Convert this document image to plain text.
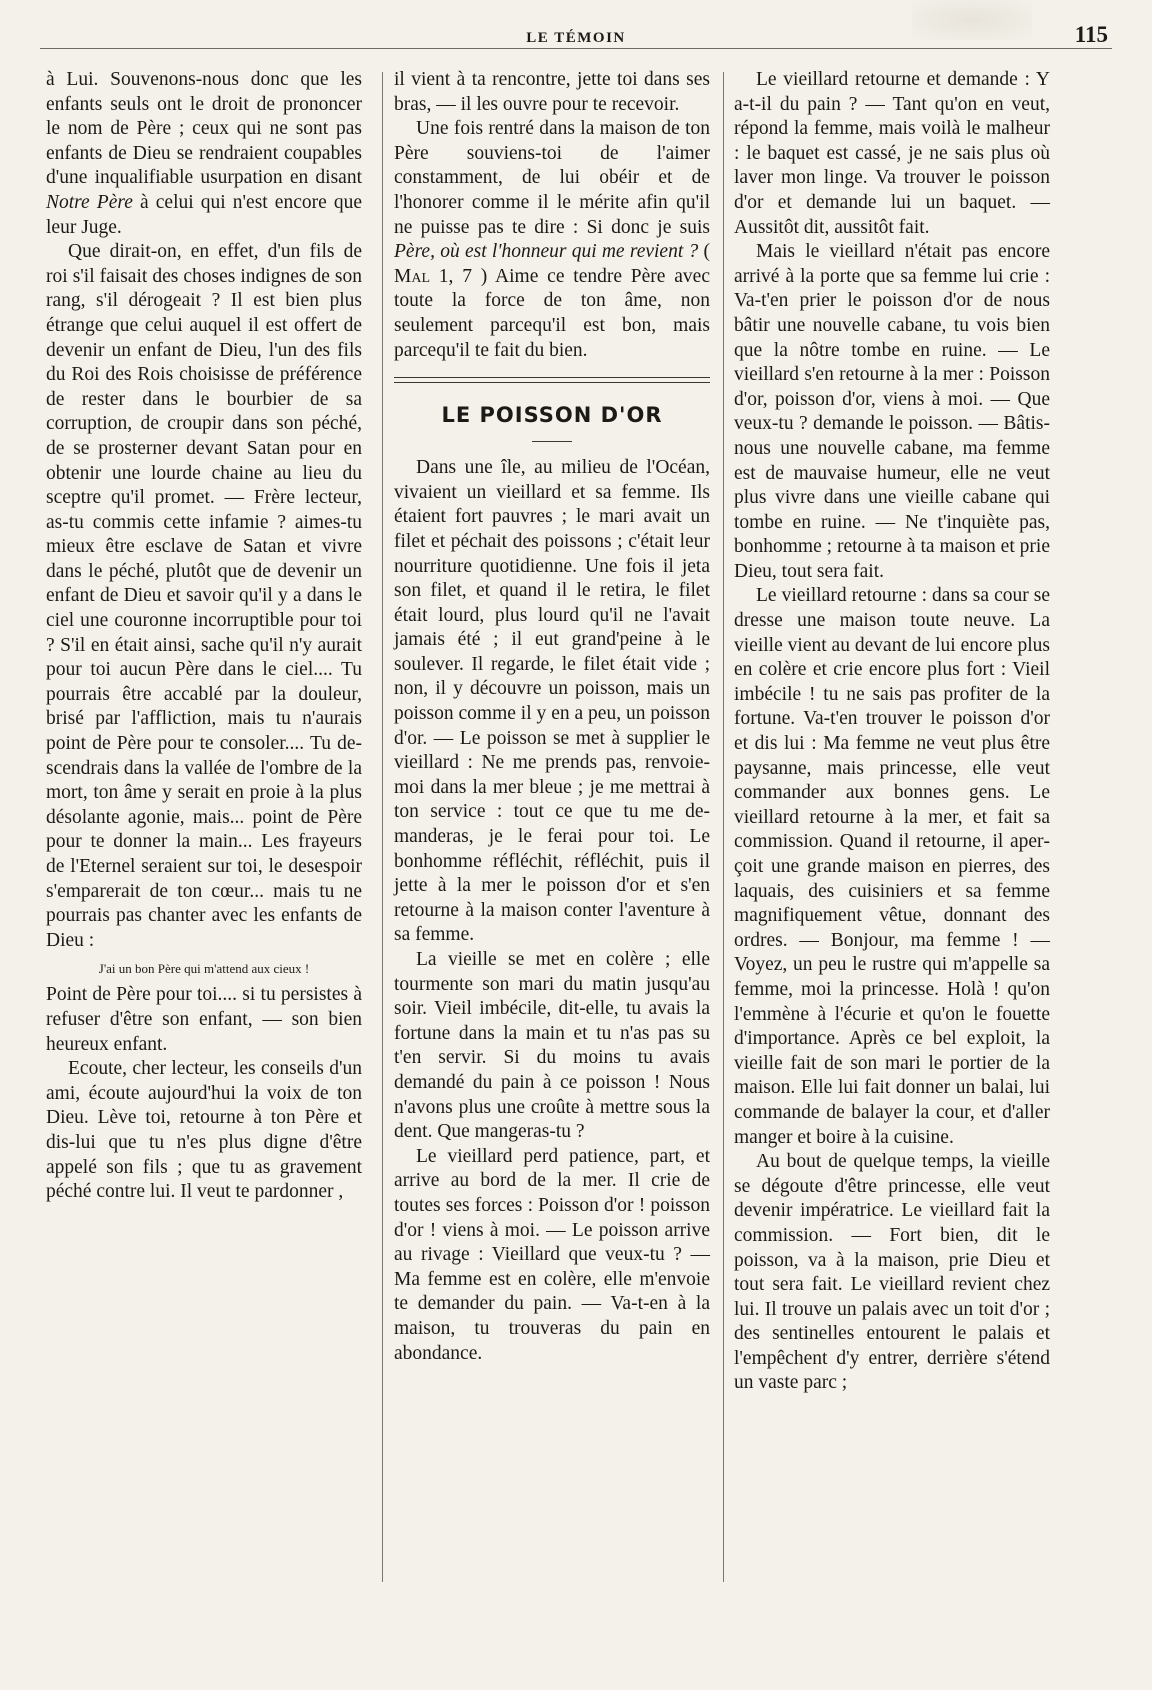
LE TÉMOIN	115

à Lui. Souvenons-nous donc que les enfants seuls ont le droit de prononcer le nom de Père ; ceux qui ne sont pas enfants de Dieu se rendraient coupables d'une inqualifiable usurpation en disant Notre Père à celui qui n'est encore que leur Juge.

Que dirait-on, en effet, d'un fils de roi s'il faisait des choses indignes de son rang, s'il dérogeait ? Il est bien plus étrange que celui auquel il est offert de devenir un enfant de Dieu, l'un des fils du Roi des Rois choisisse de préférence de rester dans le bourbier de sa corruption, de croupir dans son péché, de se prosterner devant Satan pour en obtenir une lourde chaine au lieu du sceptre qu'il promet. — Frère lecteur, as-tu commis cette infamie ? aimes-tu mieux être esclave de Satan et vivre dans le péché, plutôt que de devenir un enfant de Dieu et savoir qu'il y a dans le ciel une couronne incorruptible pour toi ? S'il en était ainsi, sache qu'il n'y aurait pour toi aucun Père dans le ciel.... Tu pourrais être accablé par la douleur, brisé par l'affliction, mais tu n'aurais point de Père pour te consoler.... Tu descendrais dans la vallée de l'ombre de la mort, ton âme y serait en proie à la plus désolante agonie, mais... point de Père pour te donner la main... Les frayeurs de l'Eternel seraient sur toi, le desespoir s'emparerait de ton cœur... mais tu ne pourrais pas chanter avec les enfants de Dieu :

J'ai un bon Père qui m'attend aux cieux !

Point de Père pour toi.... si tu persistes à refuser d'être son enfant, — son bien heureux enfant.

Ecoute, cher lecteur, les conseils d'un ami, écoute aujourd'hui la voix de ton Dieu. Lève toi, retourne à ton Père et dis-lui que tu n'es plus digne d'être appelé son fils ; que tu as gravement péché contre lui. Il veut te pardonner ,

il vient à ta rencontre, jette toi dans ses bras, — il les ouvre pour te recevoir.

Une fois rentré dans la maison de ton Père souviens-toi de l'aimer constamment, de lui obéir et de l'honorer comme il le mérite afin qu'il ne puisse pas te dire : Si donc je suis Père, où est l'honneur qui me revient ? ( Mal 1, 7 ) Aime ce tendre Père avec toute la force de ton âme, non seulement parcequ'il est bon, mais parcequ'il te fait du bien.

LE POISSON D'OR

Dans une île, au milieu de l'Océan, vivaient un vieillard et sa femme. Ils étaient fort pauvres ; le mari avait un filet et péchait des poissons ; c'était leur nourriture quotidienne. Une fois il jeta son filet, et quand il le retira, le filet était lourd, plus lourd qu'il ne l'avait jamais été ; il eut grand'peine à le soulever. Il regarde, le filet était vide ; non, il y découvre un poisson, mais un poisson comme il y en a peu, un poisson d'or. — Le poisson se met à supplier le vieillard : Ne me prends pas, renvoie-moi dans la mer bleue ; je me mettrai à ton service : tout ce que tu me demanderas, je le ferai pour toi. Le bonhomme réfléchit, réfléchit, puis il jette à la mer le poisson d'or et s'en retourne à la maison conter l'aventure à sa femme.

La vieille se met en colère ; elle tourmente son mari du matin jusqu'au soir. Vieil imbécile, dit-elle, tu avais la fortune dans la main et tu n'as pas su t'en servir. Si du moins tu avais demandé du pain à ce poisson ! Nous n'avons plus une croûte à mettre sous la dent. Que mangeras-tu ?

Le vieillard perd patience, part, et arrive au bord de la mer. Il crie de toutes ses forces : Poisson d'or ! poisson d'or ! viens à moi. — Le poisson arrive au rivage : Vieillard que veux-tu ? — Ma femme est en colère, elle m'envoie te demander du pain. — Va-t-en à la maison, tu trouveras du pain en abondance.

Le vieillard retourne et demande : Y a-t-il du pain ? — Tant qu'on en veut, répond la femme, mais voilà le malheur : le baquet est cassé, je ne sais plus où laver mon linge. Va trouver le poisson d'or et demande lui un baquet. — Aussitôt dit, aussitôt fait.

Mais le vieillard n'était pas encore arrivé à la porte que sa femme lui crie : Va-t'en prier le poisson d'or de nous bâtir une nouvelle cabane, tu vois bien que la nôtre tombe en ruine. — Le vieillard s'en retourne à la mer : Poisson d'or, poisson d'or, viens à moi. — Que veux-tu ? demande le poisson. — Bâtis-nous une nouvelle cabane, ma femme est de mauvaise humeur, elle ne veut plus vivre dans une vieille cabane qui tombe en ruine. — Ne t'inquiète pas, bonhomme ; retourne à ta maison et prie Dieu, tout sera fait.

Le vieillard retourne : dans sa cour se dresse une maison toute neuve. La vieille vient au devant de lui encore plus en colère et crie encore plus fort : Vieil imbécile ! tu ne sais pas profiter de la fortune. Va-t'en trouver le poisson d'or et dis lui : Ma femme ne veut plus être paysanne, mais princesse, elle veut commander aux bonnes gens. Le vieillard retourne à la mer, et fait sa commission. Quand il retourne, il aperçoit une grande maison en pierres, des laquais, des cuisiniers et sa femme magnifiquement vêtue, donnant des ordres. — Bonjour, ma femme ! — Voyez, un peu le rustre qui m'appelle sa femme, moi la princesse. Holà ! qu'on l'emmène à l'écurie et qu'on le fouette d'importance. Après ce bel exploit, la vieille fait de son mari le portier de la maison. Elle lui fait donner un balai, lui commande de balayer la cour, et d'aller manger et boire à la cuisine.

Au bout de quelque temps, la vieille se dégoute d'être princesse, elle veut devenir impératrice. Le vieillard fait la commission. — Fort bien, dit le poisson, va à la maison, prie Dieu et tout sera fait. Le vieillard revient chez lui. Il trouve un palais avec un toit d'or ; des sentinelles entourent le palais et l'empêchent d'y entrer, derrière s'étend un vaste parc ;
